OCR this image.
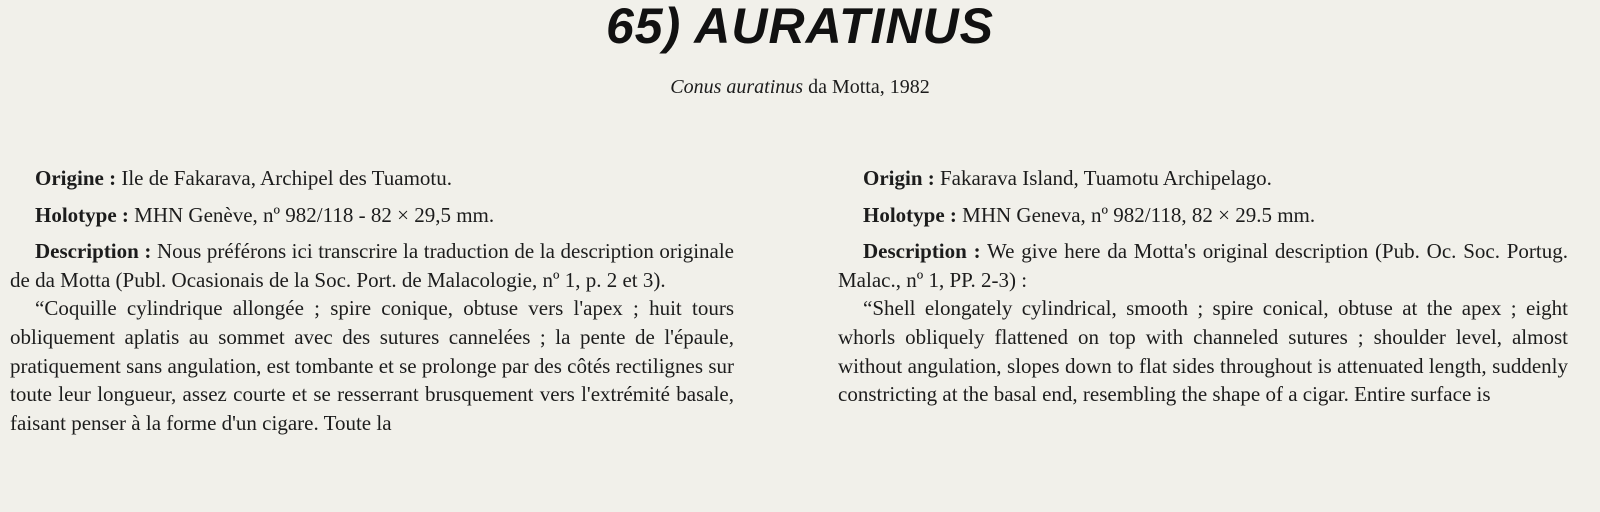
65) AURATINUS
Conus auratinus da Motta, 1982

Origine : Ile de Fakarava, Archipel des Tuamotu.

Holotype : MHN Genève, nº 982/118 - 82 × 29,5 mm.

Description : Nous préférons ici transcrire la traduction de la description originale de da Motta (Publ. Ocasionais de la Soc. Port. de Malacologie, nº 1, p. 2 et 3).

“Coquille cylindrique allongée ; spire conique, obtuse vers l'apex ; huit tours obliquement aplatis au sommet avec des sutures cannelées ; la pente de l'épaule, pratiquement sans angulation, est tombante et se prolonge par des côtés rectilignes sur toute leur longueur, assez courte et se resserrant brusquement vers l'extrémité basale, faisant penser à la forme d'un cigare. Toute la

Origin : Fakarava Island, Tuamotu Archipelago.

Holotype : MHN Geneva, nº 982/118, 82 × 29.5 mm.

Description : We give here da Motta's original description (Pub. Oc. Soc. Portug. Malac., nº 1, PP. 2-3) :

“Shell elongately cylindrical, smooth ; spire conical, obtuse at the apex ; eight whorls obliquely flattened on top with channeled sutures ; shoulder level, almost without angulation, slopes down to flat sides throughout is attenuated length, suddenly constricting at the basal end, resembling the shape of a cigar. Entire surface is
